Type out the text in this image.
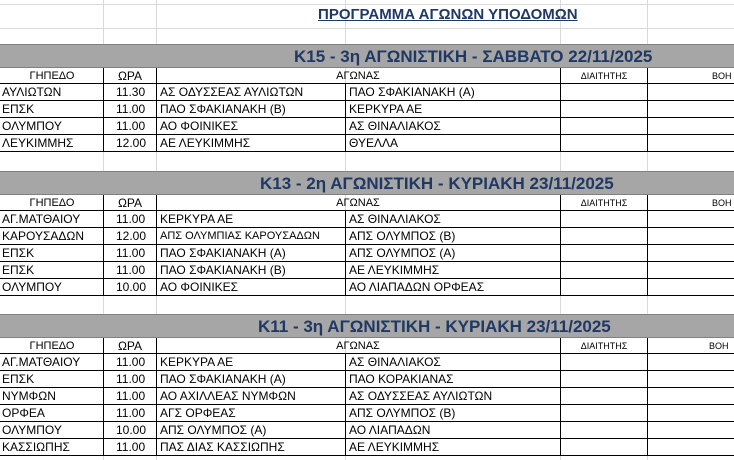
ΠΡΟΓΡΑΜΜΑ ΑΓΩΝΩΝ ΥΠΟΔΟΜΩΝ
Κ15 - 3η ΑΓΩΝΙΣΤΙΚΗ - ΣΑΒΒΑΤΟ 22/11/2025
ΓΗΠΕΔΟ	ΩΡΑ	ΑΓΩΝΑΣ	ΔΙΑΙΤΗΤΗΣ	ΒΟΗ
ΑΥΛΙΩΤΩΝ	11.30	ΑΣ ΟΔΥΣΣΕΑΣ ΑΥΛΙΩΤΩΝ	ΠΑΟ ΣΦΑΚΙΑΝΑΚΗ (Α)
ΕΠΣΚ	11.00	ΠΑΟ ΣΦΑΚΙΑΝΑΚΗ (Β)	ΚΕΡΚΥΡΑ ΑΕ
ΟΛΥΜΠΟΥ	11.00	ΑΟ ΦΟΙΝΙΚΕΣ	ΑΣ ΘΙΝΑΛΙΑΚΟΣ
ΛΕΥΚΙΜΜΗΣ	12.00	ΑΕ ΛΕΥΚΙΜΜΗΣ	ΘΥΕΛΛΑ
Κ13 - 2η ΑΓΩΝΙΣΤΙΚΗ - ΚΥΡΙΑΚΗ 23/11/2025
ΓΗΠΕΔΟ	ΩΡΑ	ΑΓΩΝΑΣ	ΔΙΑΙΤΗΤΗΣ	ΒΟΗ
ΑΓ.ΜΑΤΘΑΙΟΥ	11.00	ΚΕΡΚΥΡΑ ΑΕ	ΑΣ ΘΙΝΑΛΙΑΚΟΣ
ΚΑΡΟΥΣΑΔΩΝ	12.00	ΑΠΣ ΟΛΥΜΠΙΑΣ ΚΑΡΟΥΣΑΔΩΝ	ΑΠΣ ΟΛΥΜΠΟΣ (Β)
ΕΠΣΚ	11.00	ΠΑΟ ΣΦΑΚΙΑΝΑΚΗ (Α)	ΑΠΣ ΟΛΥΜΠΟΣ (Α)
ΕΠΣΚ	11.00	ΠΑΟ ΣΦΑΚΙΑΝΑΚΗ (Β)	ΑΕ ΛΕΥΚΙΜΜΗΣ
ΟΛΥΜΠΟΥ	10.00	ΑΟ ΦΟΙΝΙΚΕΣ	ΑΟ ΛΙΑΠΑΔΩΝ ΟΡΦΕΑΣ
Κ11 - 3η ΑΓΩΝΙΣΤΙΚΗ - ΚΥΡΙΑΚΗ 23/11/2025
ΓΗΠΕΔΟ	ΩΡΑ	ΑΓΩΝΑΣ	ΔΙΑΙΤΗΤΗΣ	ΒΟΗ
ΑΓ.ΜΑΤΘΑΙΟΥ	11.00	ΚΕΡΚΥΡΑ ΑΕ	ΑΣ ΘΙΝΑΛΙΑΚΟΣ
ΕΠΣΚ	11.00	ΠΑΟ ΣΦΑΚΙΑΝΑΚΗ (Α)	ΠΑΟ ΚΟΡΑΚΙΑΝΑΣ
ΝΥΜΦΩΝ	11.00	ΑΟ ΑΧΙΛΛΕΑΣ ΝΥΜΦΩΝ	ΑΣ ΟΔΥΣΣΕΑΣ ΑΥΛΙΩΤΩΝ
ΟΡΦΕΑ	11.00	ΑΓΣ ΟΡΦΕΑΣ	ΑΠΣ ΟΛΥΜΠΟΣ (Β)
ΟΛΥΜΠΟΥ	10.00	ΑΠΣ ΟΛΥΜΠΟΣ (Α)	ΑΟ ΛΙΑΠΑΔΩΝ
ΚΑΣΣΙΩΠΗΣ	11.00	ΠΑΣ ΔΙΑΣ ΚΑΣΣΙΩΠΗΣ	ΑΕ ΛΕΥΚΙΜΜΗΣ
